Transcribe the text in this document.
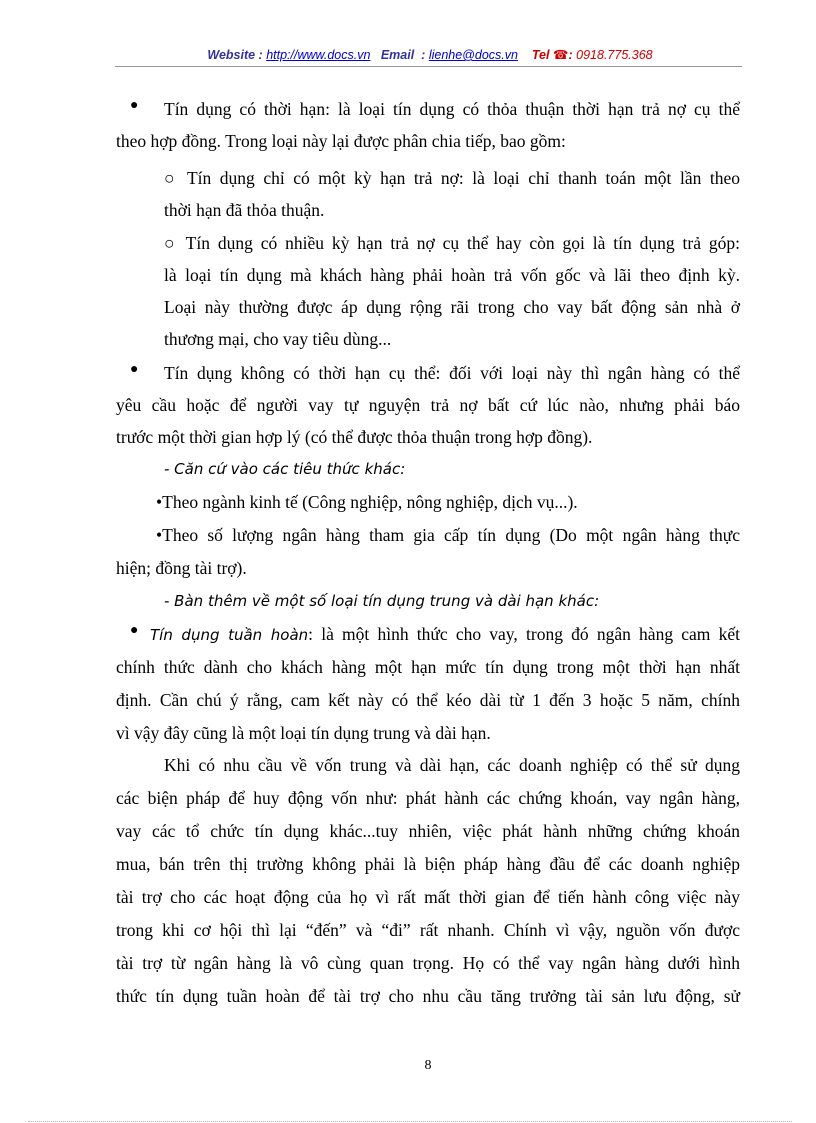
Website : http://www.docs.vn Email : lienhe@docs.vn Tel ☎: 0918.775.368
● Tín dụng có thời hạn: là loại tín dụng có thỏa thuận thời hạn trả nợ cụ thể
theo hợp đồng. Trong loại này lại được phân chia tiếp, bao gồm:
○ Tín dụng chỉ có một kỳ hạn trả nợ: là loại chỉ thanh toán một lần theo
thời hạn đã thỏa thuận.
○ Tín dụng có nhiều kỳ hạn trả nợ cụ thể hay còn gọi là tín dụng trả góp:
là loại tín dụng mà khách hàng phải hoàn trả vốn gốc và lãi theo định kỳ.
Loại này thường được áp dụng rộng rãi trong cho vay bất động sản nhà ở
thương mại, cho vay tiêu dùng...
● Tín dụng không có thời hạn cụ thể: đối với loại này thì ngân hàng có thể
yêu cầu hoặc để người vay tự nguyện trả nợ bất cứ lúc nào, nhưng phải báo
trước một thời gian hợp lý (có thể được thỏa thuận trong hợp đồng).
- Căn cứ vào các tiêu thức khác:
•Theo ngành kinh tế (Công nghiệp, nông nghiệp, dịch vụ...).
•Theo số lượng ngân hàng tham gia cấp tín dụng (Do một ngân hàng thực
hiện; đồng tài trợ).
- Bàn thêm về một số loại tín dụng trung và dài hạn khác:
● Tín dụng tuần hoàn: là một hình thức cho vay, trong đó ngân hàng cam kết
chính thức dành cho khách hàng một hạn mức tín dụng trong một thời hạn nhất
định. Cần chú ý rằng, cam kết này có thể kéo dài từ 1 đến 3 hoặc 5 năm, chính
vì vậy đây cũng là một loại tín dụng trung và dài hạn.
Khi có nhu cầu về vốn trung và dài hạn, các doanh nghiệp có thể sử dụng
các biện pháp để huy động vốn như: phát hành các chứng khoán, vay ngân hàng,
vay các tổ chức tín dụng khác...tuy nhiên, việc phát hành những chứng khoán
mua, bán trên thị trường không phải là biện pháp hàng đầu để các doanh nghiệp
tài trợ cho các hoạt động của họ vì rất mất thời gian để tiến hành công việc này
trong khi cơ hội thì lại “đến” và “đi” rất nhanh. Chính vì vậy, nguồn vốn được
tài trợ từ ngân hàng là vô cùng quan trọng. Họ có thể vay ngân hàng dưới hình
thức tín dụng tuần hoàn để tài trợ cho nhu cầu tăng trưởng tài sản lưu động, sử
8
